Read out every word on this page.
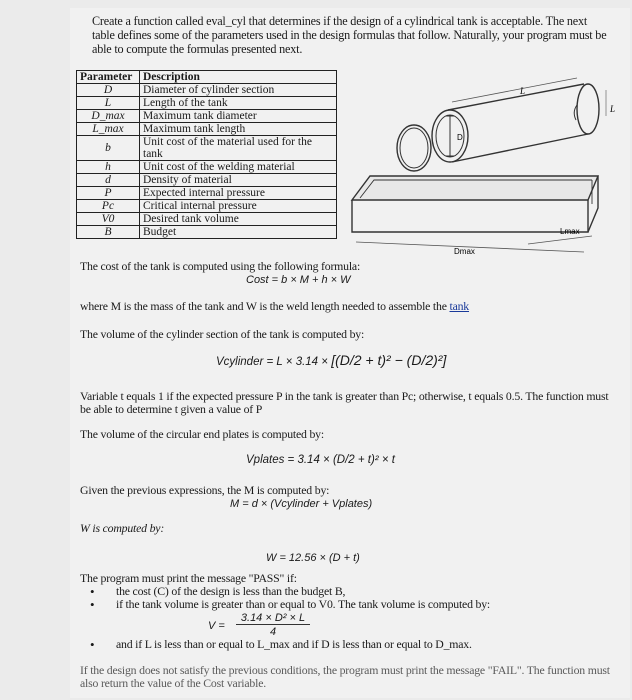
Create a function called eval_cyl that determines if the design of a cylindrical tank is acceptable. The next table defines some of the parameters used in the design formulas that follow. Naturally, your program must be able to compute the formulas presented next.
Parameter	Description
D	Diameter of cylinder section
L	Length of the tank
D_max	Maximum tank diameter
L_max	Maximum tank length
b	Unit cost of the material used for the tank
h	Unit cost of the welding material
d	Density of material
P	Expected internal pressure
Pc	Critical internal pressure
V0	Desired tank volume
B	Budget
D
L
L
Dmax
Lmax
The cost of the tank is computed using the following formula:
Cost = b × M + h × W
where M is the mass of the tank and W is the weld length needed to assemble the tank
The volume of the cylinder section of the tank is computed by:
Vcylinder = L × 3.14 × [(D/2 + t)² − (D/2)²]
Variable t equals 1 if the expected pressure P in the tank is greater than Pc; otherwise, t equals 0.5. The function must be able to determine t given a value of P
The volume of the circular end plates is computed by:
Vplates = 3.14 × (D/2 + t)² × t
Given the previous expressions, the M is computed by:
M = d × (Vcylinder + Vplates)
W is computed by:
W = 12.56 × (D + t)
The program must print the message "PASS" if:
• the cost (C) of the design is less than the budget B,
• if the tank volume is greater than or equal to V0. The tank volume is computed by:
V =
3.14 × D² × L
4
• and if L is less than or equal to L_max and if D is less than or equal to D_max.
If the design does not satisfy the previous conditions, the program must print the message "FAIL". The function must also return the value of the Cost variable.
